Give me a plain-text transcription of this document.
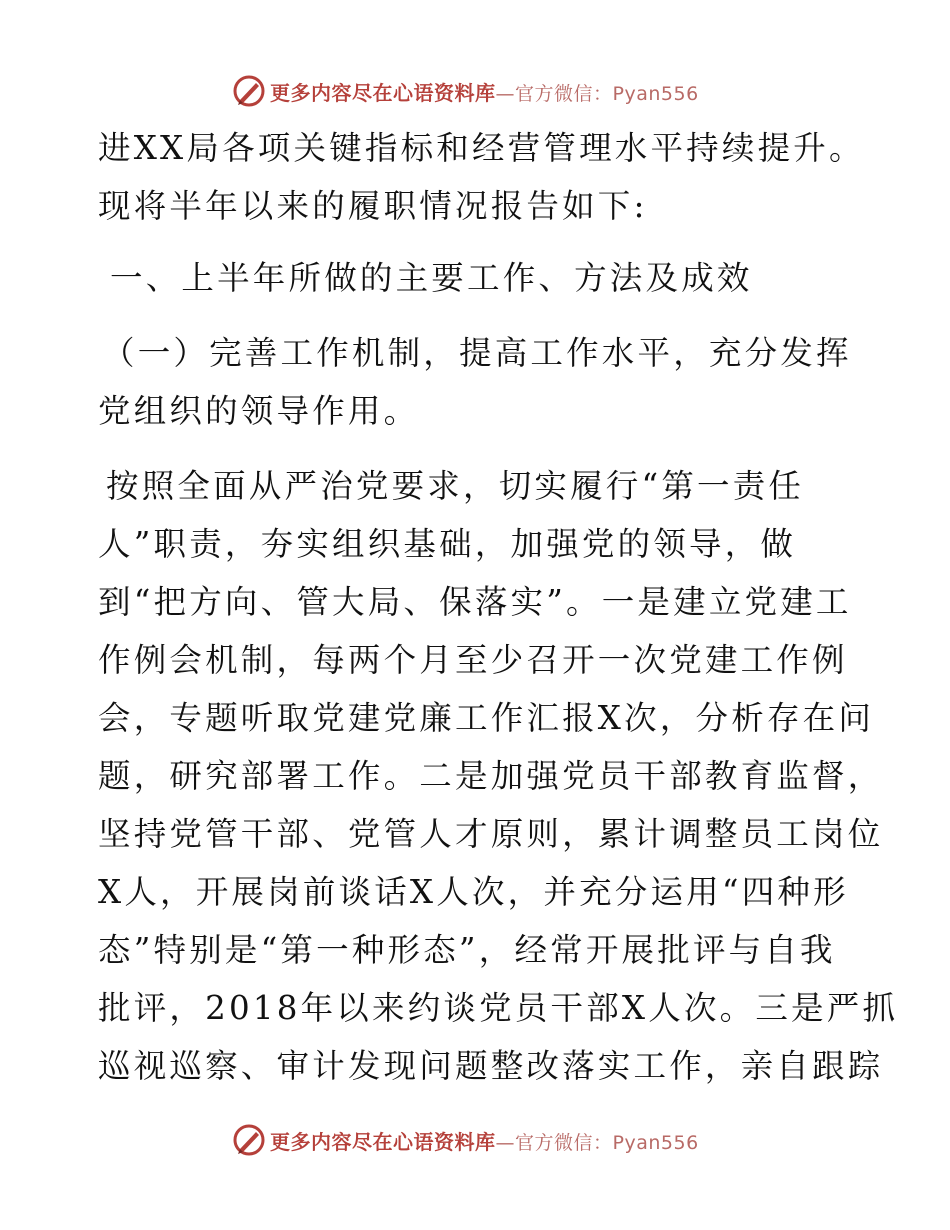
更多内容尽在心语资料库—官方微信：Pyan556
进XX局各项关键指标和经营管理水平持续提升。
现将半年以来的履职情况报告如下:
一、上半年所做的主要工作、方法及成效
（一）完善工作机制，提高工作水平，充分发挥
党组织的领导作用。
按照全面从严治党要求，切实履行“第一责任
人”职责，夯实组织基础，加强党的领导，做
到“把方向、管大局、保落实”。一是建立党建工
作例会机制，每两个月至少召开一次党建工作例
会，专题听取党建党廉工作汇报X次，分析存在问
题，研究部署工作。二是加强党员干部教育监督，
坚持党管干部、党管人才原则，累计调整员工岗位
X人，开展岗前谈话X人次，并充分运用“四种形
态”特别是“第一种形态”，经常开展批评与自我
批评，2018年以来约谈党员干部X人次。三是严抓
巡视巡察、审计发现问题整改落实工作，亲自跟踪
更多内容尽在心语资料库—官方微信：Pyan556
